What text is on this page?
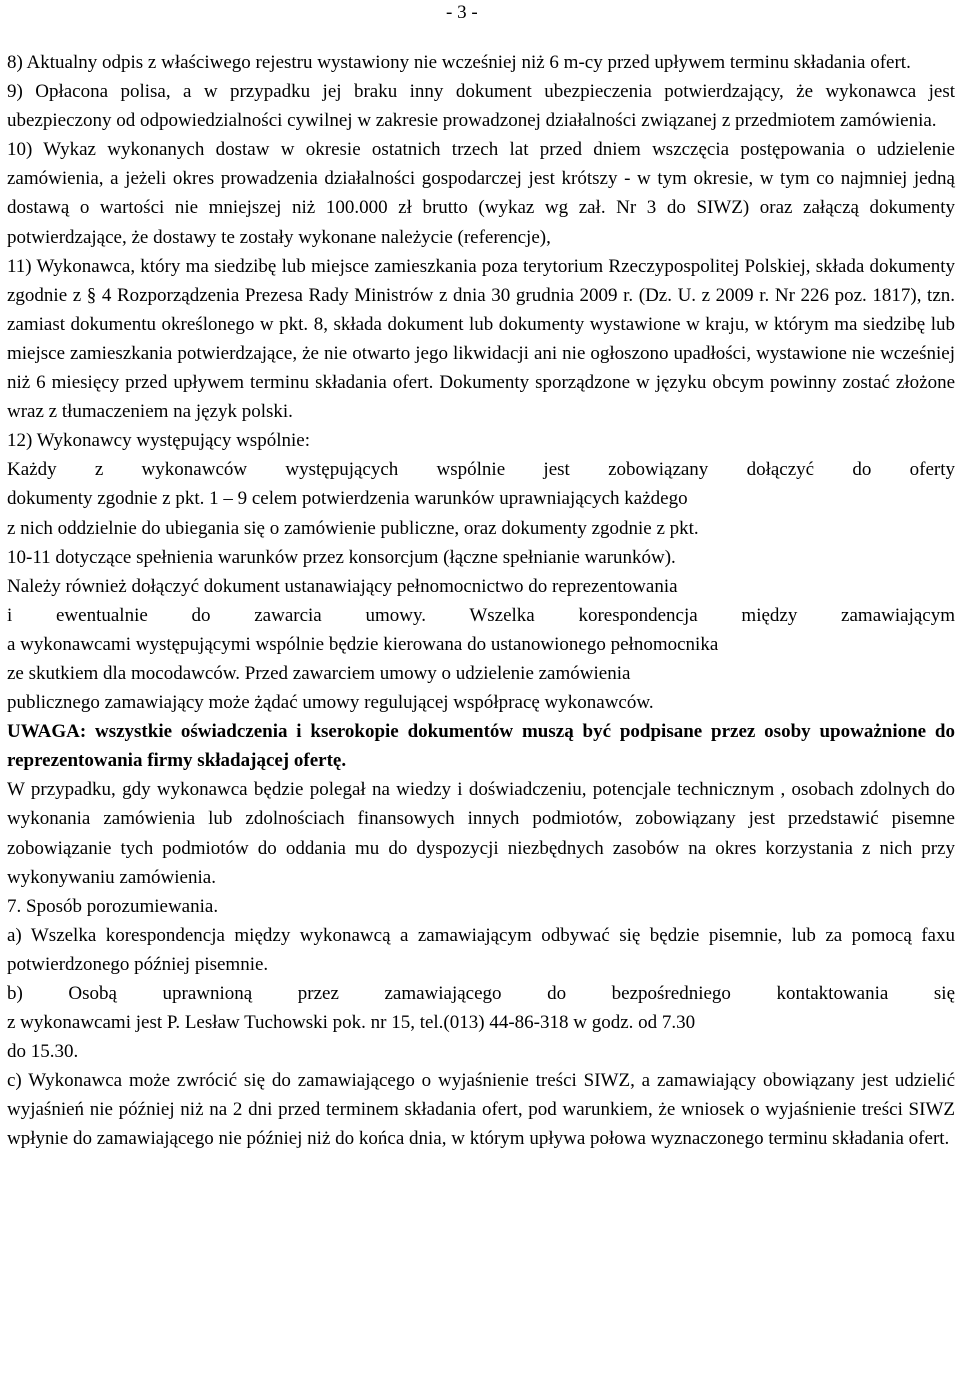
- 3 -

8) Aktualny odpis z właściwego rejestru wystawiony nie wcześniej niż 6 m-cy przed upływem terminu składania ofert.

9) Opłacona polisa, a w przypadku jej braku inny dokument ubezpieczenia potwierdzający, że wykonawca jest ubezpieczony od odpowiedzialności cywilnej w zakresie prowadzonej działalności związanej z przedmiotem zamówienia.

10) Wykaz wykonanych dostaw w okresie ostatnich trzech lat przed dniem wszczęcia postępowania o udzielenie zamówienia, a jeżeli okres prowadzenia działalności gospodarczej jest krótszy - w tym okresie, w tym co najmniej jedną dostawą o wartości nie mniejszej niż 100.000 zł brutto (wykaz wg zał. Nr 3 do SIWZ) oraz załączą dokumenty potwierdzające, że dostawy te zostały wykonane należycie (referencje),

11) Wykonawca, który ma siedzibę lub miejsce zamieszkania poza terytorium Rzeczypospolitej Polskiej, składa dokumenty zgodnie z § 4 Rozporządzenia Prezesa Rady Ministrów z dnia 30 grudnia 2009 r. (Dz. U. z 2009 r. Nr 226 poz. 1817), tzn. zamiast dokumentu określonego w pkt. 8, składa dokument lub dokumenty wystawione w kraju, w którym ma siedzibę lub miejsce zamieszkania potwierdzające, że nie otwarto jego likwidacji ani nie ogłoszono upadłości, wystawione nie wcześniej niż 6 miesięcy przed upływem terminu składania ofert. Dokumenty sporządzone w języku obcym powinny zostać złożone wraz z tłumaczeniem na język polski.

12) Wykonawcy występujący wspólnie:

Każdy z wykonawców występujących wspólnie jest zobowiązany dołączyć do oferty

dokumenty zgodnie z pkt. 1 – 9 celem potwierdzenia warunków uprawniających każdego

z nich oddzielnie do ubiegania się o zamówienie publiczne, oraz dokumenty zgodnie z pkt.

10-11 dotyczące spełnienia warunków przez konsorcjum (łączne spełnianie warunków).

Należy również dołączyć dokument ustanawiający pełnomocnictwo do reprezentowania

i ewentualnie do zawarcia umowy. Wszelka korespondencja między zamawiającym

a wykonawcami występującymi wspólnie będzie kierowana do ustanowionego pełnomocnika

ze skutkiem dla mocodawców. Przed zawarciem umowy o udzielenie zamówienia

publicznego zamawiający może żądać umowy regulującej współpracę wykonawców.

UWAGA: wszystkie oświadczenia i kserokopie dokumentów muszą być podpisane przez osoby upoważnione do reprezentowania firmy składającej ofertę.

W przypadku, gdy wykonawca będzie polegał na wiedzy i doświadczeniu, potencjale technicznym , osobach zdolnych do wykonania zamówienia lub zdolnościach finansowych innych podmiotów, zobowiązany jest przedstawić pisemne zobowiązanie tych podmiotów do oddania mu do dyspozycji niezbędnych zasobów na okres korzystania z nich przy wykonywaniu zamówienia.

7. Sposób porozumiewania.

a) Wszelka korespondencja między wykonawcą a zamawiającym odbywać się będzie pisemnie, lub za pomocą faxu potwierdzonego później pisemnie.

b) Osobą uprawnioną przez zamawiającego do bezpośredniego kontaktowania się

z wykonawcami jest P. Lesław Tuchowski pok. nr 15, tel.(013) 44-86-318 w godz. od 7.30

do 15.30.

c) Wykonawca może zwrócić się do zamawiającego o wyjaśnienie treści SIWZ, a zamawiający obowiązany jest udzielić wyjaśnień nie później niż na 2 dni przed terminem składania ofert, pod warunkiem, że wniosek o wyjaśnienie treści SIWZ wpłynie do zamawiającego nie później niż do końca dnia, w którym upływa połowa wyznaczonego terminu składania ofert.
